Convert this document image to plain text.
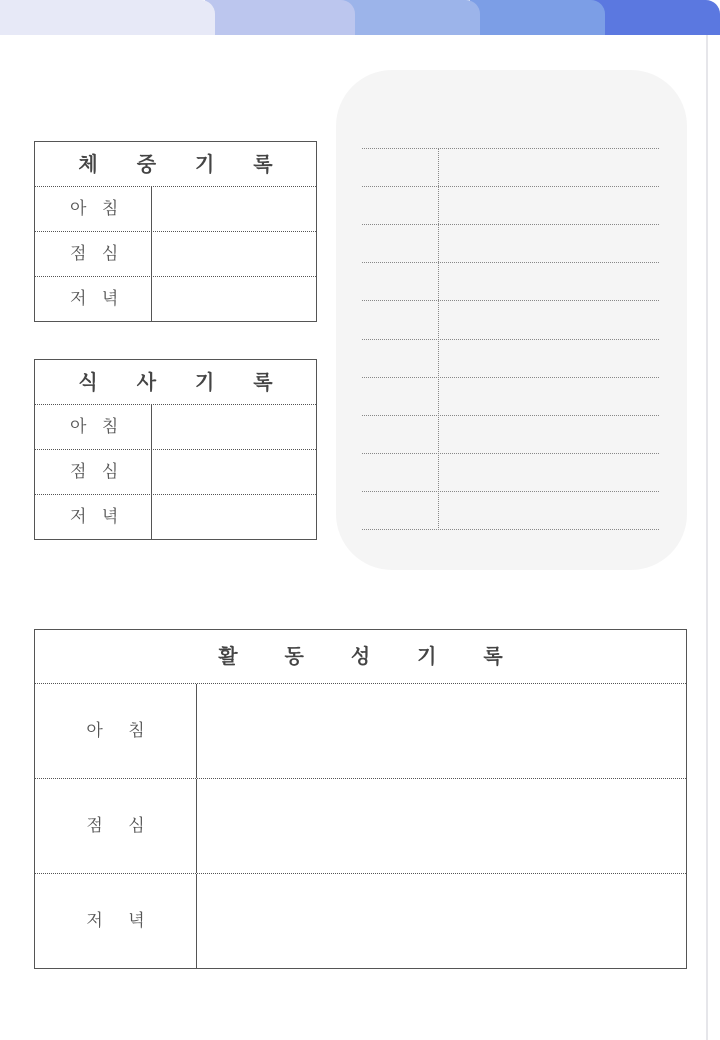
체 중 기 록
아 침
점 심
저 녁
식 사 기 록
아 침
점 심
저 녁
활 동 성 기 록
아 침
점 심
저 녁
